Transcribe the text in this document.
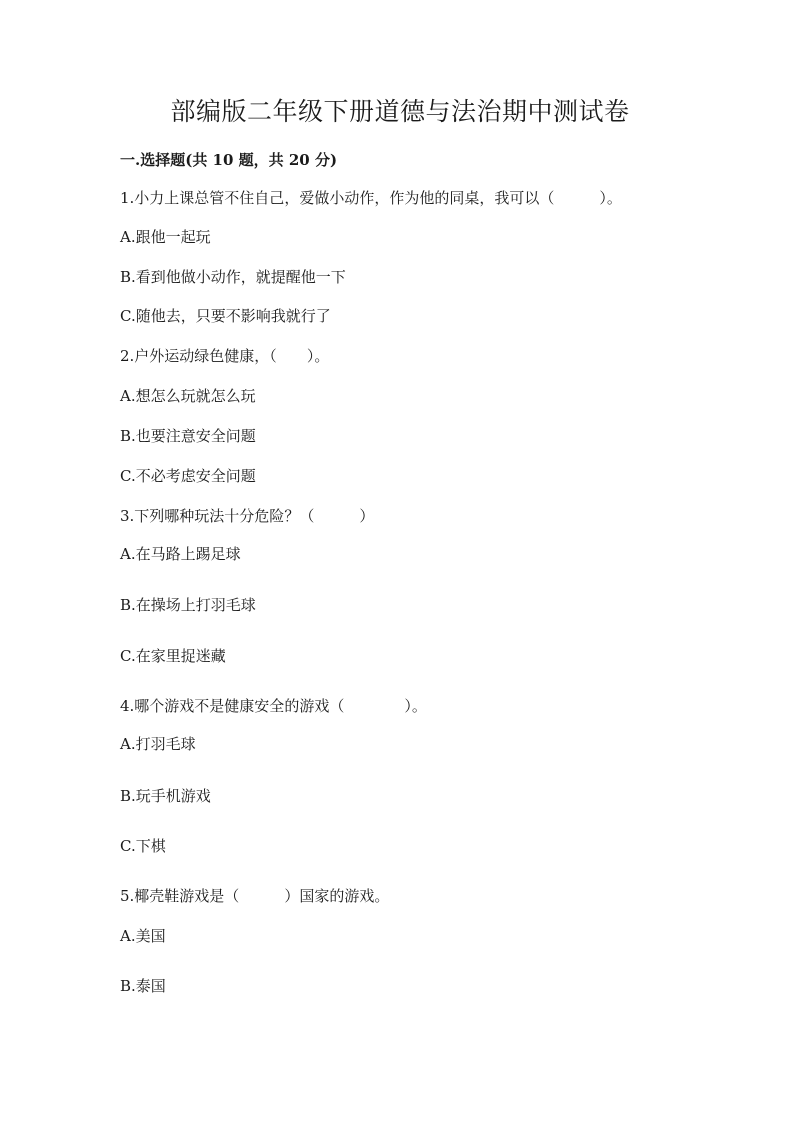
部编版二年级下册道德与法治期中测试卷
一.选择题(共 10 题，共 20 分)
1.小力上课总管不住自己，爱做小动作，作为他的同桌，我可以（　　　）。
A.跟他一起玩
B.看到他做小动作，就提醒他一下
C.随他去，只要不影响我就行了
2.户外运动绿色健康，（　　）。
A.想怎么玩就怎么玩
B.也要注意安全问题
C.不必考虑安全问题
3.下列哪种玩法十分危险？（　　　）
A.在马路上踢足球
B.在操场上打羽毛球
C.在家里捉迷藏
4.哪个游戏不是健康安全的游戏（　　　　）。
A.打羽毛球
B.玩手机游戏
C.下棋
5.椰壳鞋游戏是（　　　）国家的游戏。
A.美国
B.泰国
